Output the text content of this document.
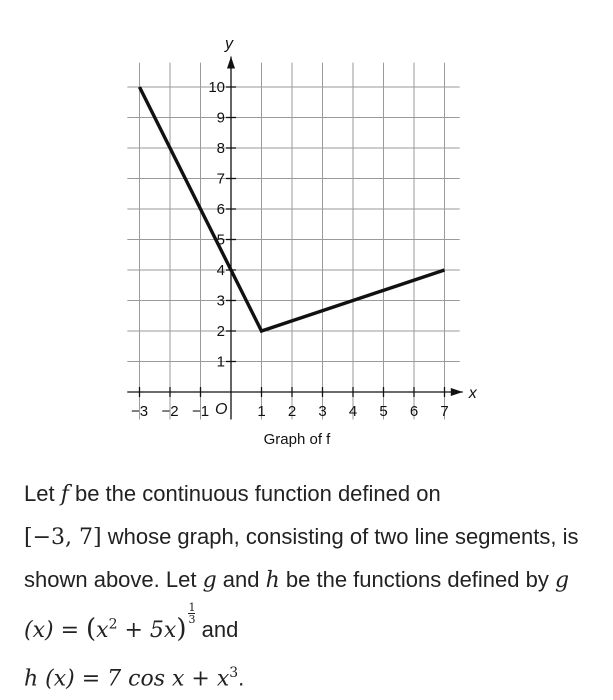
−3 −2 −1	1 2 3 4 5 6 7
1
2
3
4
5
6
7
8
9
10
O
x
y
Graph of f
Let f be the continuous function defined on
[−3, 7] whose graph, consisting of two line segments, is shown above. Let g and h be the functions defined by g $(x) = (x^2 + 5x)$
$\frac{1}{3}$
and
h (x) = 7 $\cos x + x^3$.
